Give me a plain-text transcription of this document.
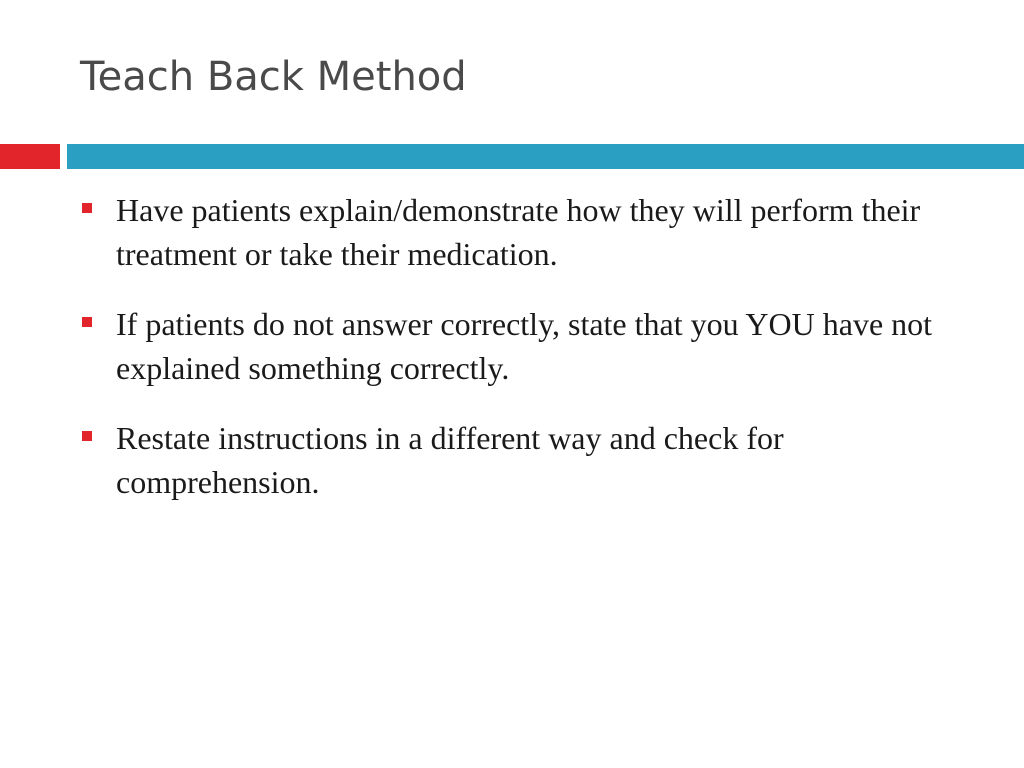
Teach Back Method
Have patients explain/demonstrate how they will perform their treatment or take their medication.
If patients do not answer correctly, state that you YOU have not explained something correctly.
Restate instructions in a different way and check for comprehension.
